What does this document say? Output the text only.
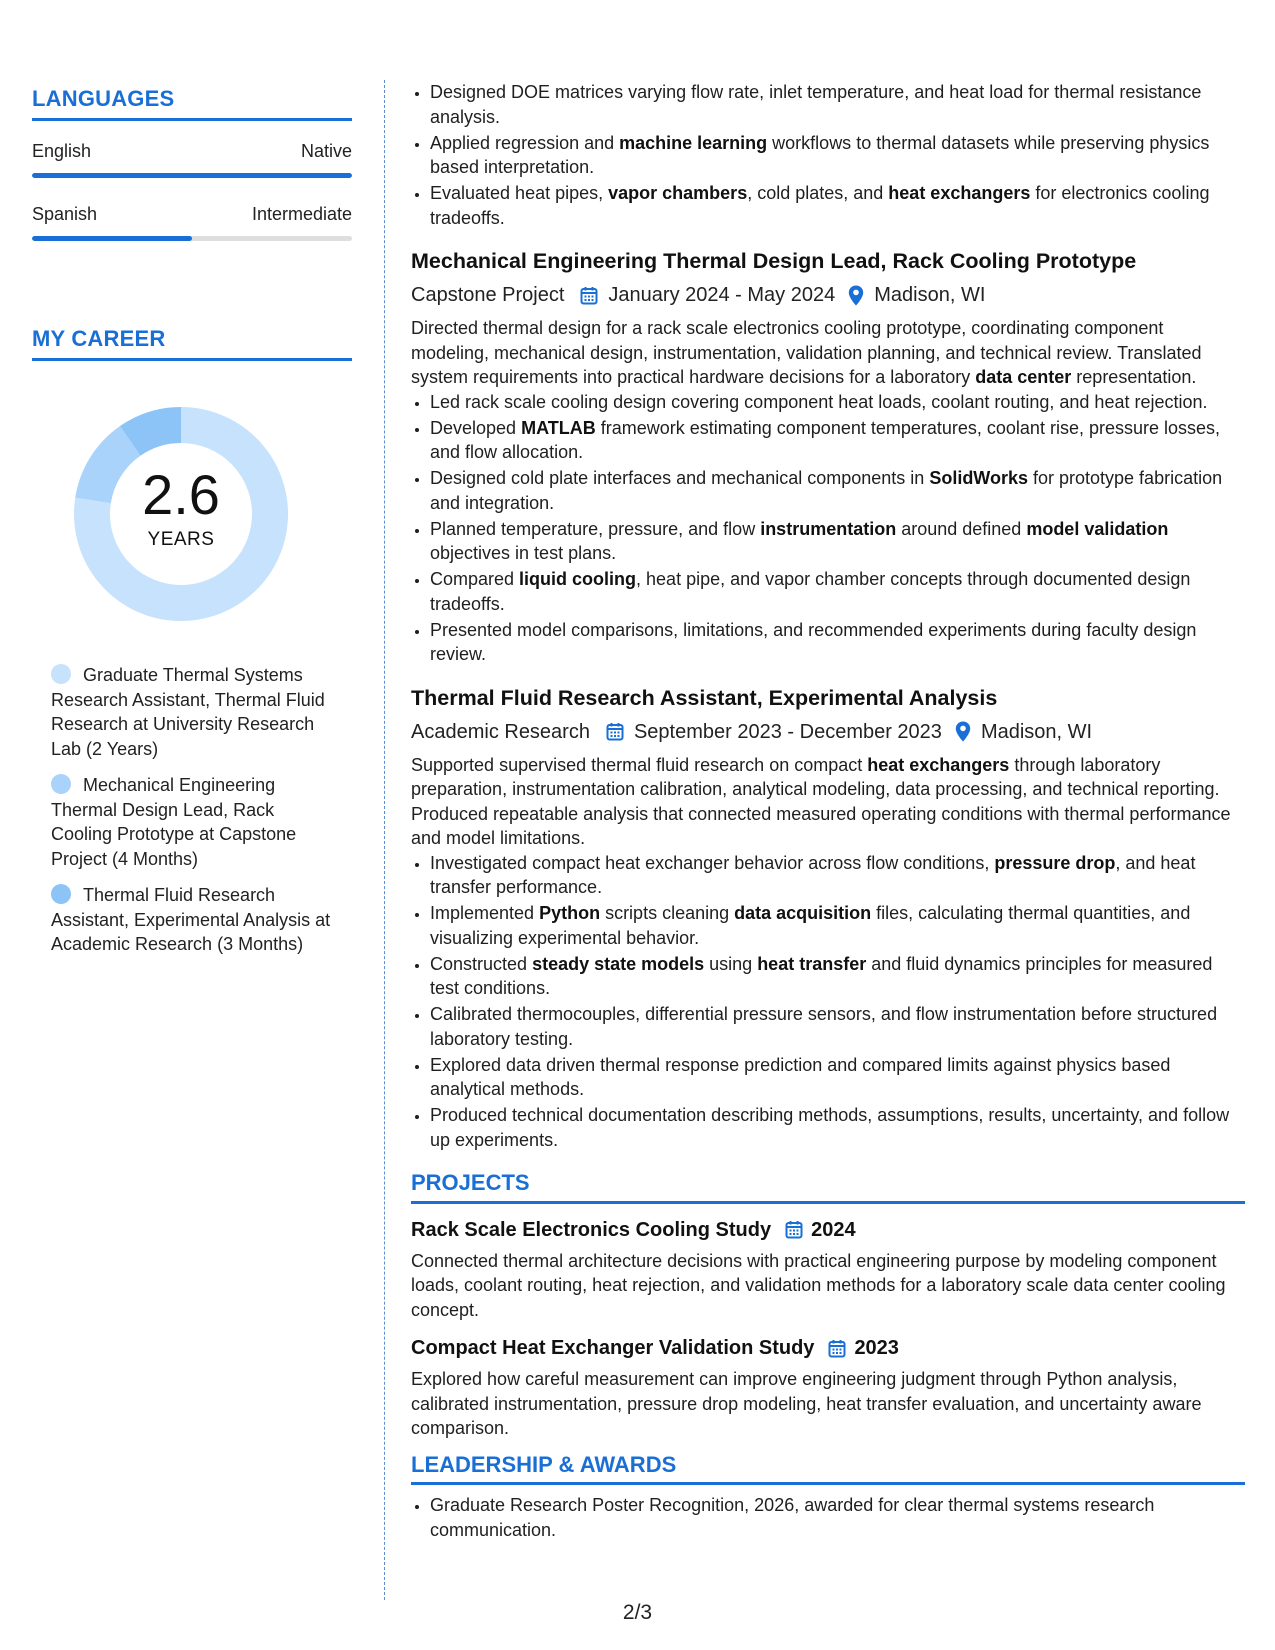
LANGUAGES
English	Native
Spanish	Intermediate
MY CAREER
2.6
YEARS
Graduate Thermal Systems Research Assistant, Thermal Fluid Research at University Research Lab (2 Years)
Mechanical Engineering Thermal Design Lead, Rack Cooling Prototype at Capstone Project (4 Months)
Thermal Fluid Research Assistant, Experimental Analysis at Academic Research (3 Months)
• Designed DOE matrices varying flow rate, inlet temperature, and heat load for thermal resistance analysis.
• Applied regression and machine learning workflows to thermal datasets while preserving physics based interpretation.
• Evaluated heat pipes, vapor chambers, cold plates, and heat exchangers for electronics cooling tradeoffs.
Mechanical Engineering Thermal Design Lead, Rack Cooling Prototype
Capstone Project January 2024 - May 2024 Madison, WI

Directed thermal design for a rack scale electronics cooling prototype, coordinating component modeling, mechanical design, instrumentation, validation planning, and technical review. Translated system requirements into practical hardware decisions for a laboratory data center representation.

• Led rack scale cooling design covering component heat loads, coolant routing, and heat rejection.
• Developed MATLAB framework estimating component temperatures, coolant rise, pressure losses, and flow allocation.
• Designed cold plate interfaces and mechanical components in SolidWorks for prototype fabrication and integration.
• Planned temperature, pressure, and flow instrumentation around defined model validation objectives in test plans.
• Compared liquid cooling, heat pipe, and vapor chamber concepts through documented design tradeoffs.
• Presented model comparisons, limitations, and recommended experiments during faculty design review.
Thermal Fluid Research Assistant, Experimental Analysis
Academic Research September 2023 - December 2023 Madison, WI

Supported supervised thermal fluid research on compact heat exchangers through laboratory preparation, instrumentation calibration, analytical modeling, data processing, and technical reporting. Produced repeatable analysis that connected measured operating conditions with thermal performance and model limitations.

• Investigated compact heat exchanger behavior across flow conditions, pressure drop, and heat transfer performance.
• Implemented Python scripts cleaning data acquisition files, calculating thermal quantities, and visualizing experimental behavior.
• Constructed steady state models using heat transfer and fluid dynamics principles for measured test conditions.
• Calibrated thermocouples, differential pressure sensors, and flow instrumentation before structured laboratory testing.
• Explored data driven thermal response prediction and compared limits against physics based analytical methods.
• Produced technical documentation describing methods, assumptions, results, uncertainty, and follow up experiments.
PROJECTS
Rack Scale Electronics Cooling Study 2024

Connected thermal architecture decisions with practical engineering purpose by modeling component loads, coolant routing, heat rejection, and validation methods for a laboratory scale data center cooling concept.

Compact Heat Exchanger Validation Study 2023

Explored how careful measurement can improve engineering judgment through Python analysis, calibrated instrumentation, pressure drop modeling, heat transfer evaluation, and uncertainty aware comparison.

LEADERSHIP & AWARDS
• Graduate Research Poster Recognition, 2026, awarded for clear thermal systems research communication.
2/3
